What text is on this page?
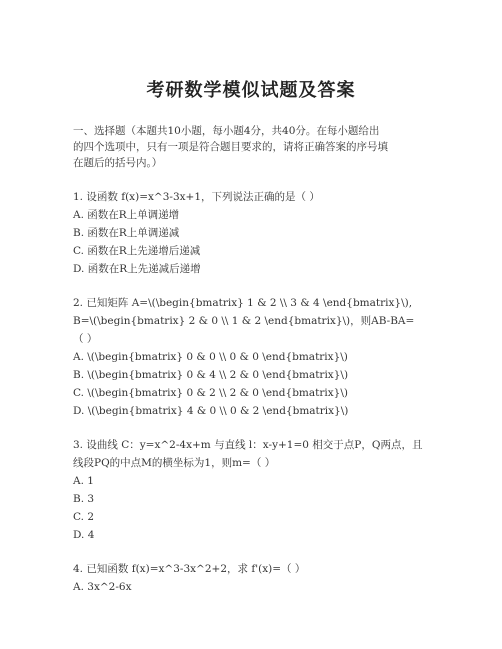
考研数学模似试题及答案
一、选择题（本题共10小题，每小题4分，共40分。在每小题给出
的四个选项中，只有一项是符合题目要求的，请将正确答案的序号填
在题后的括号内。）
1. 设函数 f(x)=x^3-3x+1，下列说法正确的是（ ）
A. 函数在R上单调递增
B. 函数在R上单调递减
C. 函数在R上先递增后递减
D. 函数在R上先递减后递增
2. 已知矩阵 A=\(\begin{bmatrix} 1 & 2 \\ 3 & 4 \end{bmatrix}\),
B=\(\begin{bmatrix} 2 & 0 \\ 1 & 2 \end{bmatrix}\)，则AB-BA=
（ ）
A. \(\begin{bmatrix} 0 & 0 \\ 0 & 0 \end{bmatrix}\)
B. \(\begin{bmatrix} 0 & 4 \\ 2 & 0 \end{bmatrix}\)
C. \(\begin{bmatrix} 0 & 2 \\ 2 & 0 \end{bmatrix}\)
D. \(\begin{bmatrix} 4 & 0 \\ 0 & 2 \end{bmatrix}\)
3. 设曲线 C：y=x^2-4x+m 与直线 l：x-y+1=0 相交于点P，Q两点，且
线段PQ的中点M的横坐标为1，则m=（ ）
A. 1
B. 3
C. 2
D. 4
4. 已知函数 f(x)=x^3-3x^2+2，求 f'(x)=（ ）
A. 3x^2-6x
